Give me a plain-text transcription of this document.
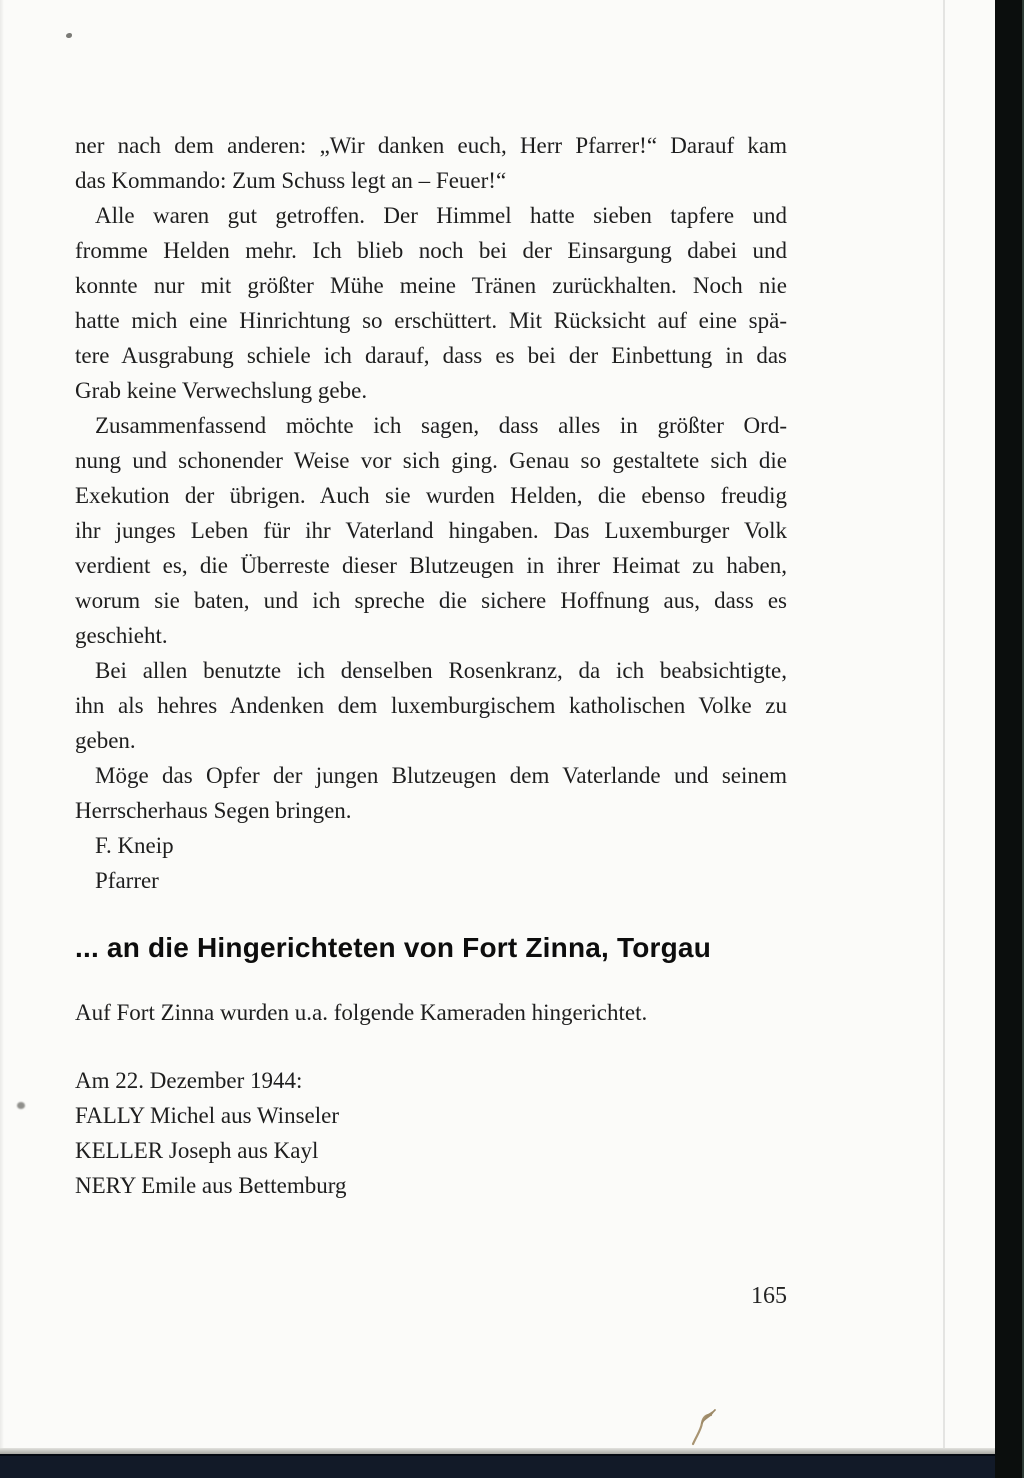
ner nach dem anderen: „Wir danken euch, Herr Pfarrer!“ Darauf kam
das Kommando: Zum Schuss legt an – Feuer!“
Alle waren gut getroffen. Der Himmel hatte sieben tapfere und
fromme Helden mehr. Ich blieb noch bei der Einsargung dabei und
konnte nur mit größter Mühe meine Tränen zurückhalten. Noch nie
hatte mich eine Hinrichtung so erschüttert. Mit Rücksicht auf eine spä-
tere Ausgrabung schiele ich darauf, dass es bei der Einbettung in das
Grab keine Verwechslung gebe.
Zusammenfassend möchte ich sagen, dass alles in größter Ord-
nung und schonender Weise vor sich ging. Genau so gestaltete sich die
Exekution der übrigen. Auch sie wurden Helden, die ebenso freudig
ihr junges Leben für ihr Vaterland hingaben. Das Luxemburger Volk
verdient es, die Überreste dieser Blutzeugen in ihrer Heimat zu haben,
worum sie baten, und ich spreche die sichere Hoffnung aus, dass es
geschieht.
Bei allen benutzte ich denselben Rosenkranz, da ich beabsichtigte,
ihn als hehres Andenken dem luxemburgischem katholischen Volke zu
geben.
Möge das Opfer der jungen Blutzeugen dem Vaterlande und seinem
Herrscherhaus Segen bringen.
F. Kneip
Pfarrer
... an die Hingerichteten von Fort Zinna, Torgau
Auf Fort Zinna wurden u.a. folgende Kameraden hingerichtet.
Am 22. Dezember 1944:
FALLY Michel aus Winseler
KELLER Joseph aus Kayl
NERY Emile aus Bettemburg
165
